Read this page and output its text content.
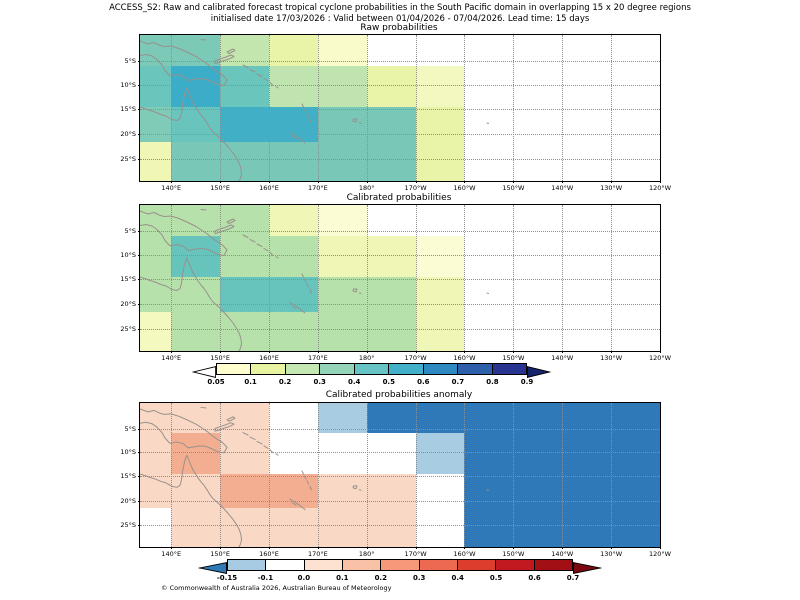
ACCESS_S2: Raw and calibrated forecast tropical cyclone probabilities in the South Pacific domain in overlapping 15 x 20 degree regions
initialised date 17/03/2026 : Valid between 01/04/2026 - 07/04/2026. Lead time: 15 days
Raw probabilities
140°E	150°E	160°E	170°E	180°	170°W	160°W	150°W	140°W	130°W	120°W
5°S
10°S
15°S
20°S
25°S
Calibrated probabilities
140°E	150°E	160°E	170°E	180°	170°W	160°W	150°W	140°W	130°W	120°W
5°S
10°S
15°S
20°S
25°S
0.05	0.1	0.2	0.3	0.4	0.5	0.6	0.7	0.8	0.9
Calibrated probabilities anomaly
140°E	150°E	160°E	170°E	180°	170°W	160°W	150°W	140°W	130°W	120°W
5°S
10°S
15°S
20°S
25°S
-0.15	-0.1	0.0	0.1	0.2	0.3	0.4	0.5	0.6	0.7
© Commonwealth of Australia 2026, Australian Bureau of Meteorology
